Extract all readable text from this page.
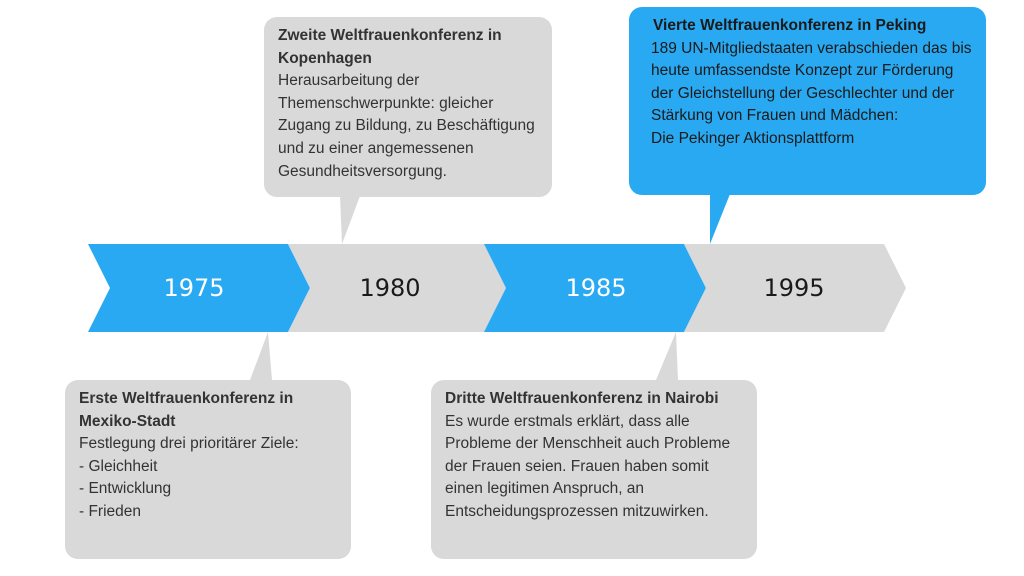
1975	1980	1985	1995
Zweite Weltfrauenkonferenz in Kopenhagen
Herausarbeitung der Themenschwerpunkte: gleicher Zugang zu Bildung, zu Beschäftigung und zu einer angemessenen Gesundheitsversorgung.
Vierte Weltfrauenkonferenz in Peking
189 UN-Mitgliedstaaten verabschieden das bis heute umfassendste Konzept zur Förderung der Gleichstellung der Geschlechter und der Stärkung von Frauen und Mädchen:
Die Pekinger Aktionsplattform
Erste Weltfrauenkonferenz in Mexiko-Stadt
Festlegung drei prioritärer Ziele:
- Gleichheit
- Entwicklung
- Frieden
Dritte Weltfrauenkonferenz in Nairobi
Es wurde erstmals erklärt, dass alle Probleme der Menschheit auch Probleme der Frauen seien. Frauen haben somit einen legitimen Anspruch, an Entscheidungsprozessen mitzuwirken.
